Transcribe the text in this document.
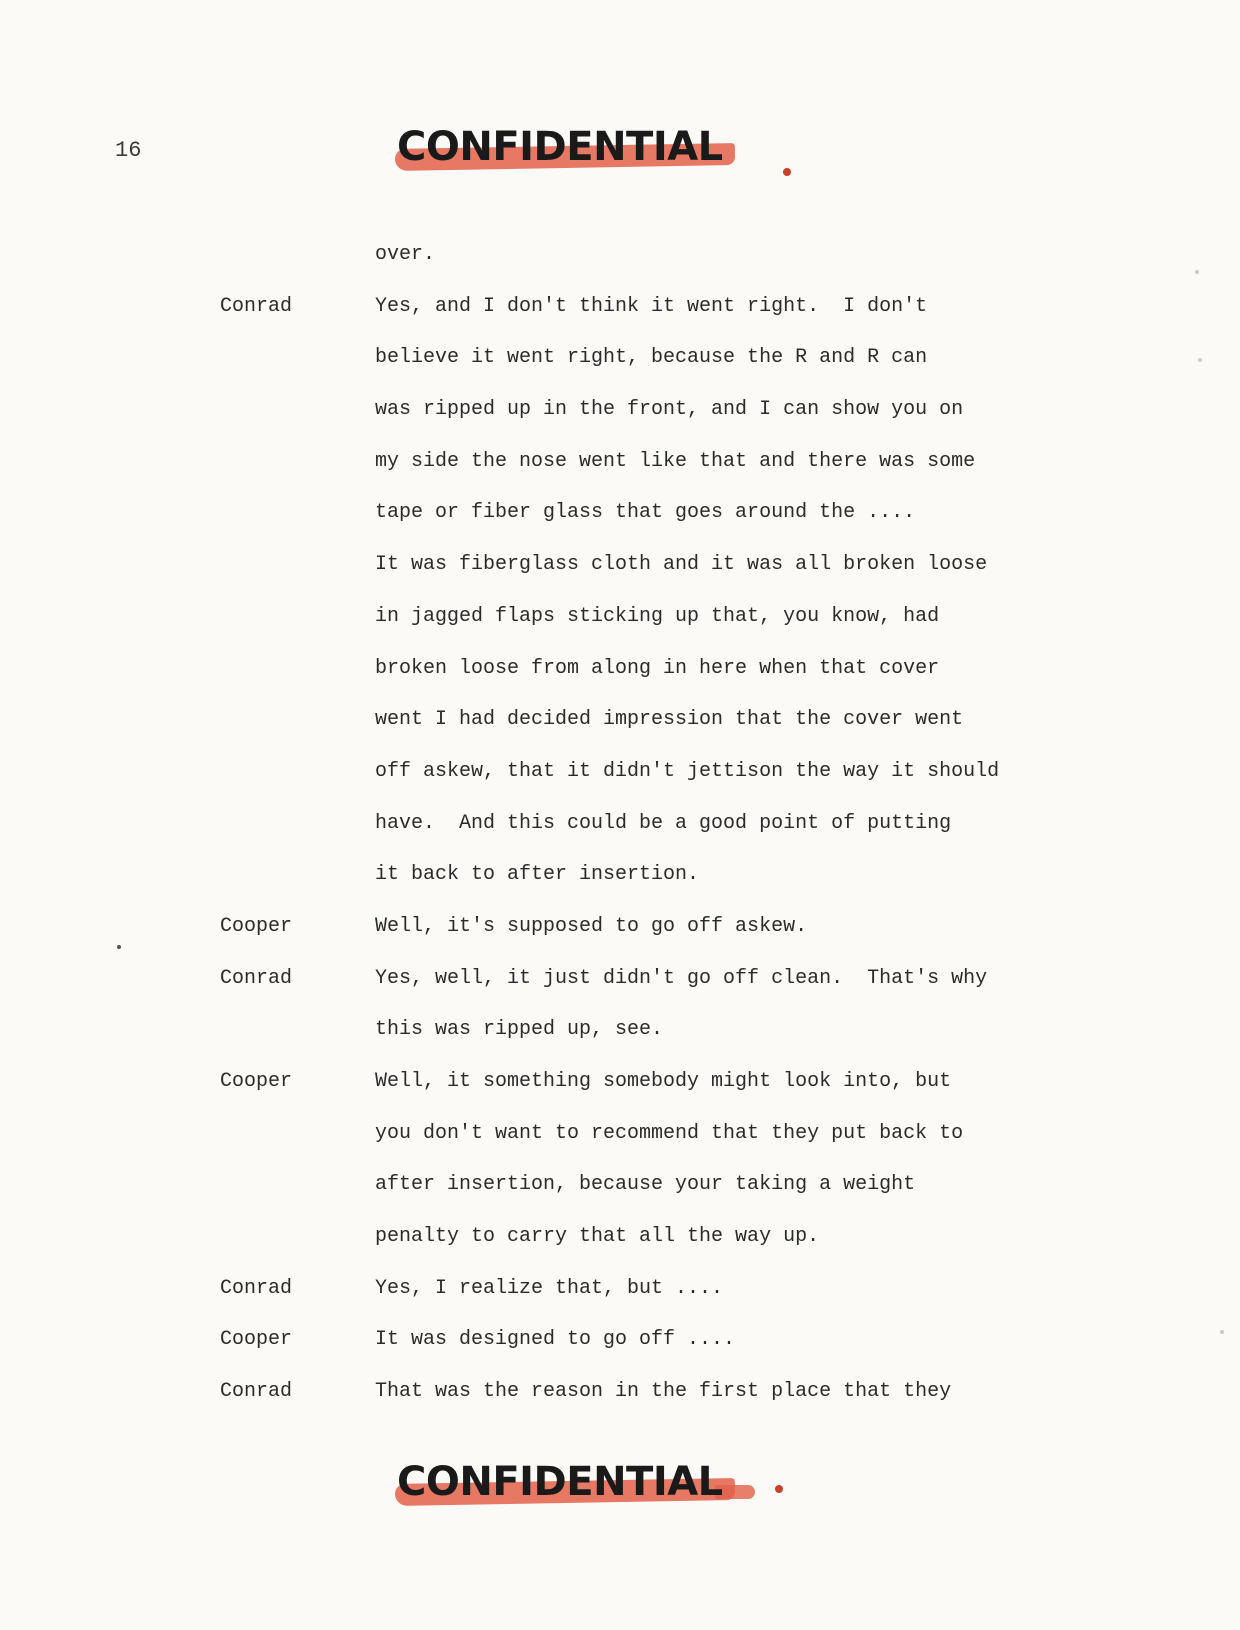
16	CONFIDENTIAL
over.
Conrad	Yes, and I don't think it went right.  I don't
believe it went right, because the R and R can
was ripped up in the front, and I can show you on
my side the nose went like that and there was some
tape or fiber glass that goes around the ....
It was fiberglass cloth and it was all broken loose
in jagged flaps sticking up that, you know, had
broken loose from along in here when that cover
went I had decided impression that the cover went
off askew, that it didn't jettison the way it should
have.  And this could be a good point of putting
it back to after insertion.
Cooper	Well, it's supposed to go off askew.
Conrad	Yes, well, it just didn't go off clean.  That's why
this was ripped up, see.
Cooper	Well, it something somebody might look into, but
you don't want to recommend that they put back to
after insertion, because your taking a weight
penalty to carry that all the way up.
Conrad	Yes, I realize that, but ....
Cooper	It was designed to go off ....
Conrad	That was the reason in the first place that they
CONFIDENTIAL
